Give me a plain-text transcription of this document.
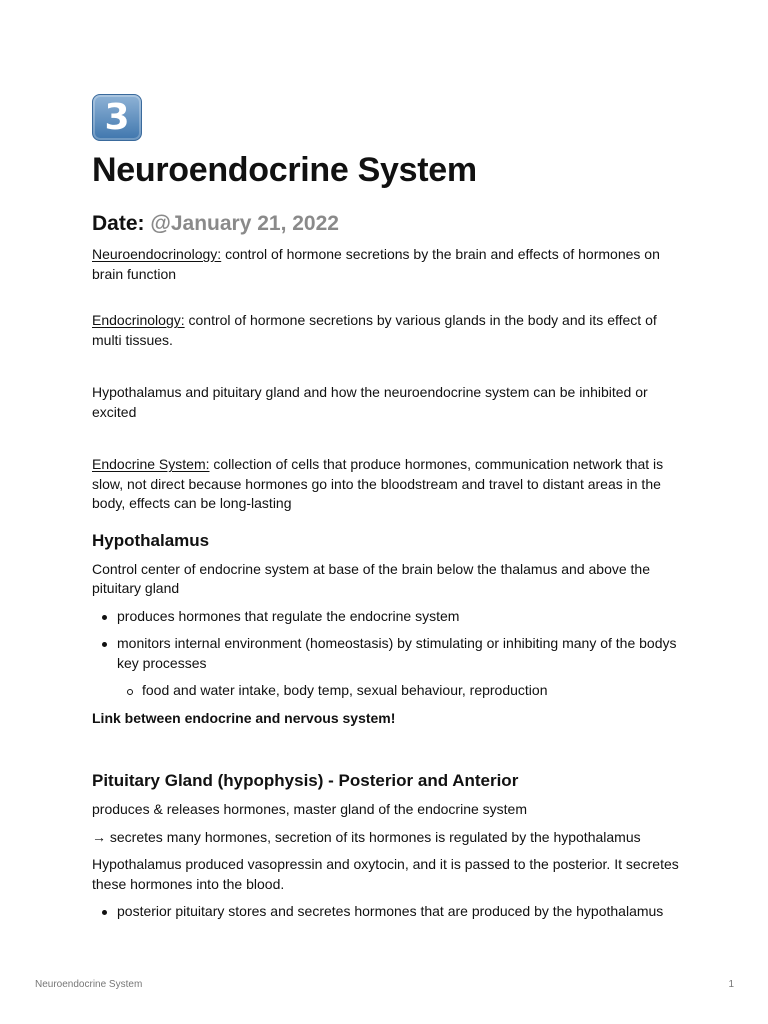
3
Neuroendocrine System
Date: @January 21, 2022

Neuroendocrinology: control of hormone secretions by the brain and effects of hormones on brain function

Endocrinology: control of hormone secretions by various glands in the body and its effect of multi tissues.

Hypothalamus and pituitary gland and how the neuroendocrine system can be inhibited or excited

Endocrine System: collection of cells that produce hormones, communication network that is slow, not direct because hormones go into the bloodstream and travel to distant areas in the body, effects can be long-lasting

Hypothalamus

Control center of endocrine system at base of the brain below the thalamus and above the pituitary gland

produces hormones that regulate the endocrine system
monitors internal environment (homeostasis) by stimulating or inhibiting many of the bodys key processes
food and water intake, body temp, sexual behaviour, reproduction

Link between endocrine and nervous system!

Pituitary Gland (hypophysis) - Posterior and Anterior

produces & releases hormones, master gland of the endocrine system

→ secretes many hormones, secretion of its hormones is regulated by the hypothalamus

Hypothalamus produced vasopressin and oxytocin, and it is passed to the posterior. It secretes these hormones into the blood.

posterior pituitary stores and secretes hormones that are produced by the hypothalamus
Neuroendocrine System	1
